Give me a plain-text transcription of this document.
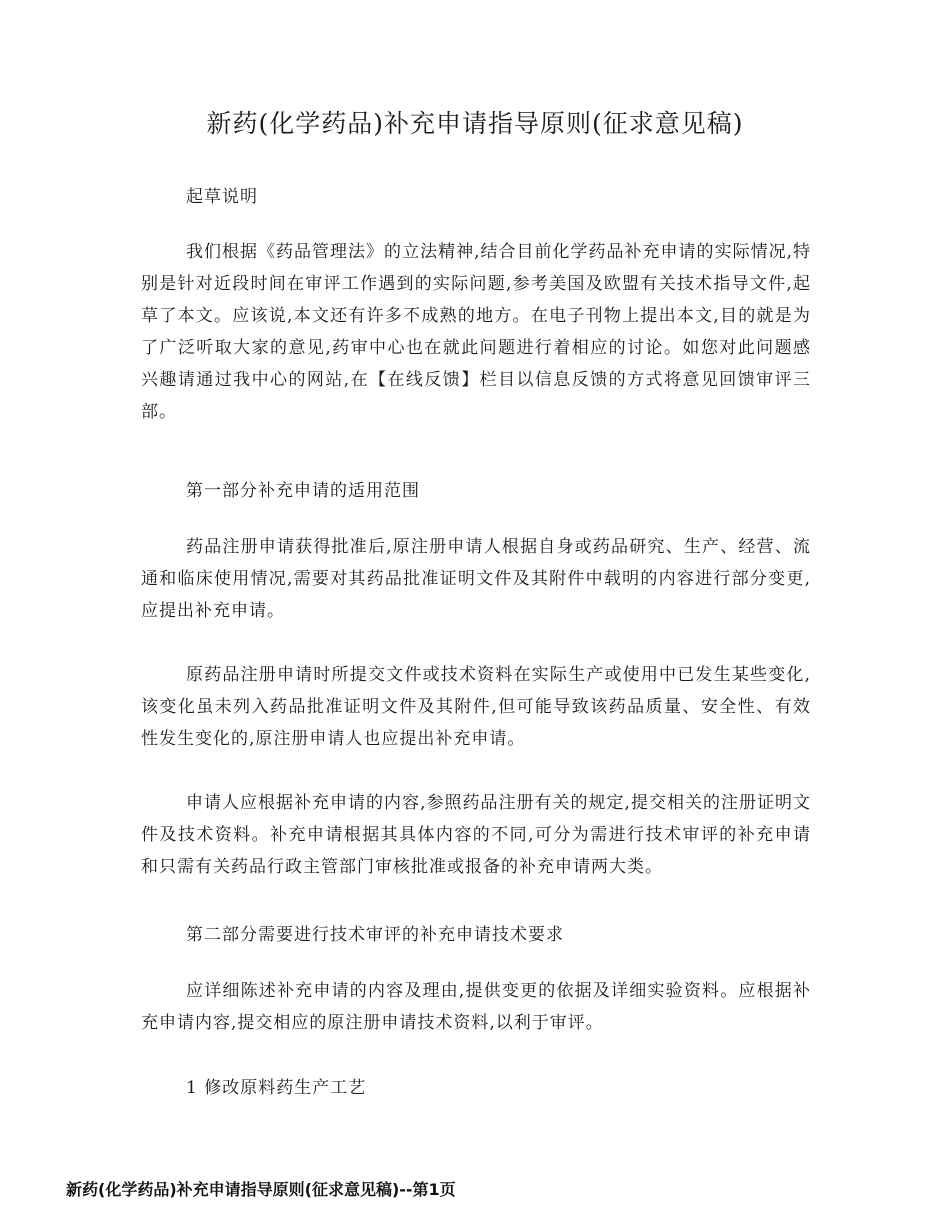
新药(化学药品)补充申请指导原则(征求意见稿)
起草说明
我们根据《药品管理法》的立法精神,结合目前化学药品补充申请的实际情况,特别是针对近段时间在审评工作遇到的实际问题,参考美国及欧盟有关技术指导文件,起草了本文。应该说,本文还有许多不成熟的地方。在电子刊物上提出本文,目的就是为了广泛听取大家的意见,药审中心也在就此问题进行着相应的讨论。如您对此问题感兴趣请通过我中心的网站,在【在线反馈】栏目以信息反馈的方式将意见回馈审评三部。
第一部分补充申请的适用范围
药品注册申请获得批准后,原注册申请人根据自身或药品研究、生产、经营、流通和临床使用情况,需要对其药品批准证明文件及其附件中载明的内容进行部分变更,应提出补充申请。
原药品注册申请时所提交文件或技术资料在实际生产或使用中已发生某些变化,该变化虽未列入药品批准证明文件及其附件,但可能导致该药品质量、安全性、有效性发生变化的,原注册申请人也应提出补充申请。
申请人应根据补充申请的内容,参照药品注册有关的规定,提交相关的注册证明文件及技术资料。补充申请根据其具体内容的不同,可分为需进行技术审评的补充申请和只需有关药品行政主管部门审核批准或报备的补充申请两大类。
第二部分需要进行技术审评的补充申请技术要求
应详细陈述补充申请的内容及理由,提供变更的依据及详细实验资料。应根据补充申请内容,提交相应的原注册申请技术资料,以利于审评。
1 修改原料药生产工艺
新药(化学药品)补充申请指导原则(征求意见稿)--第1页
